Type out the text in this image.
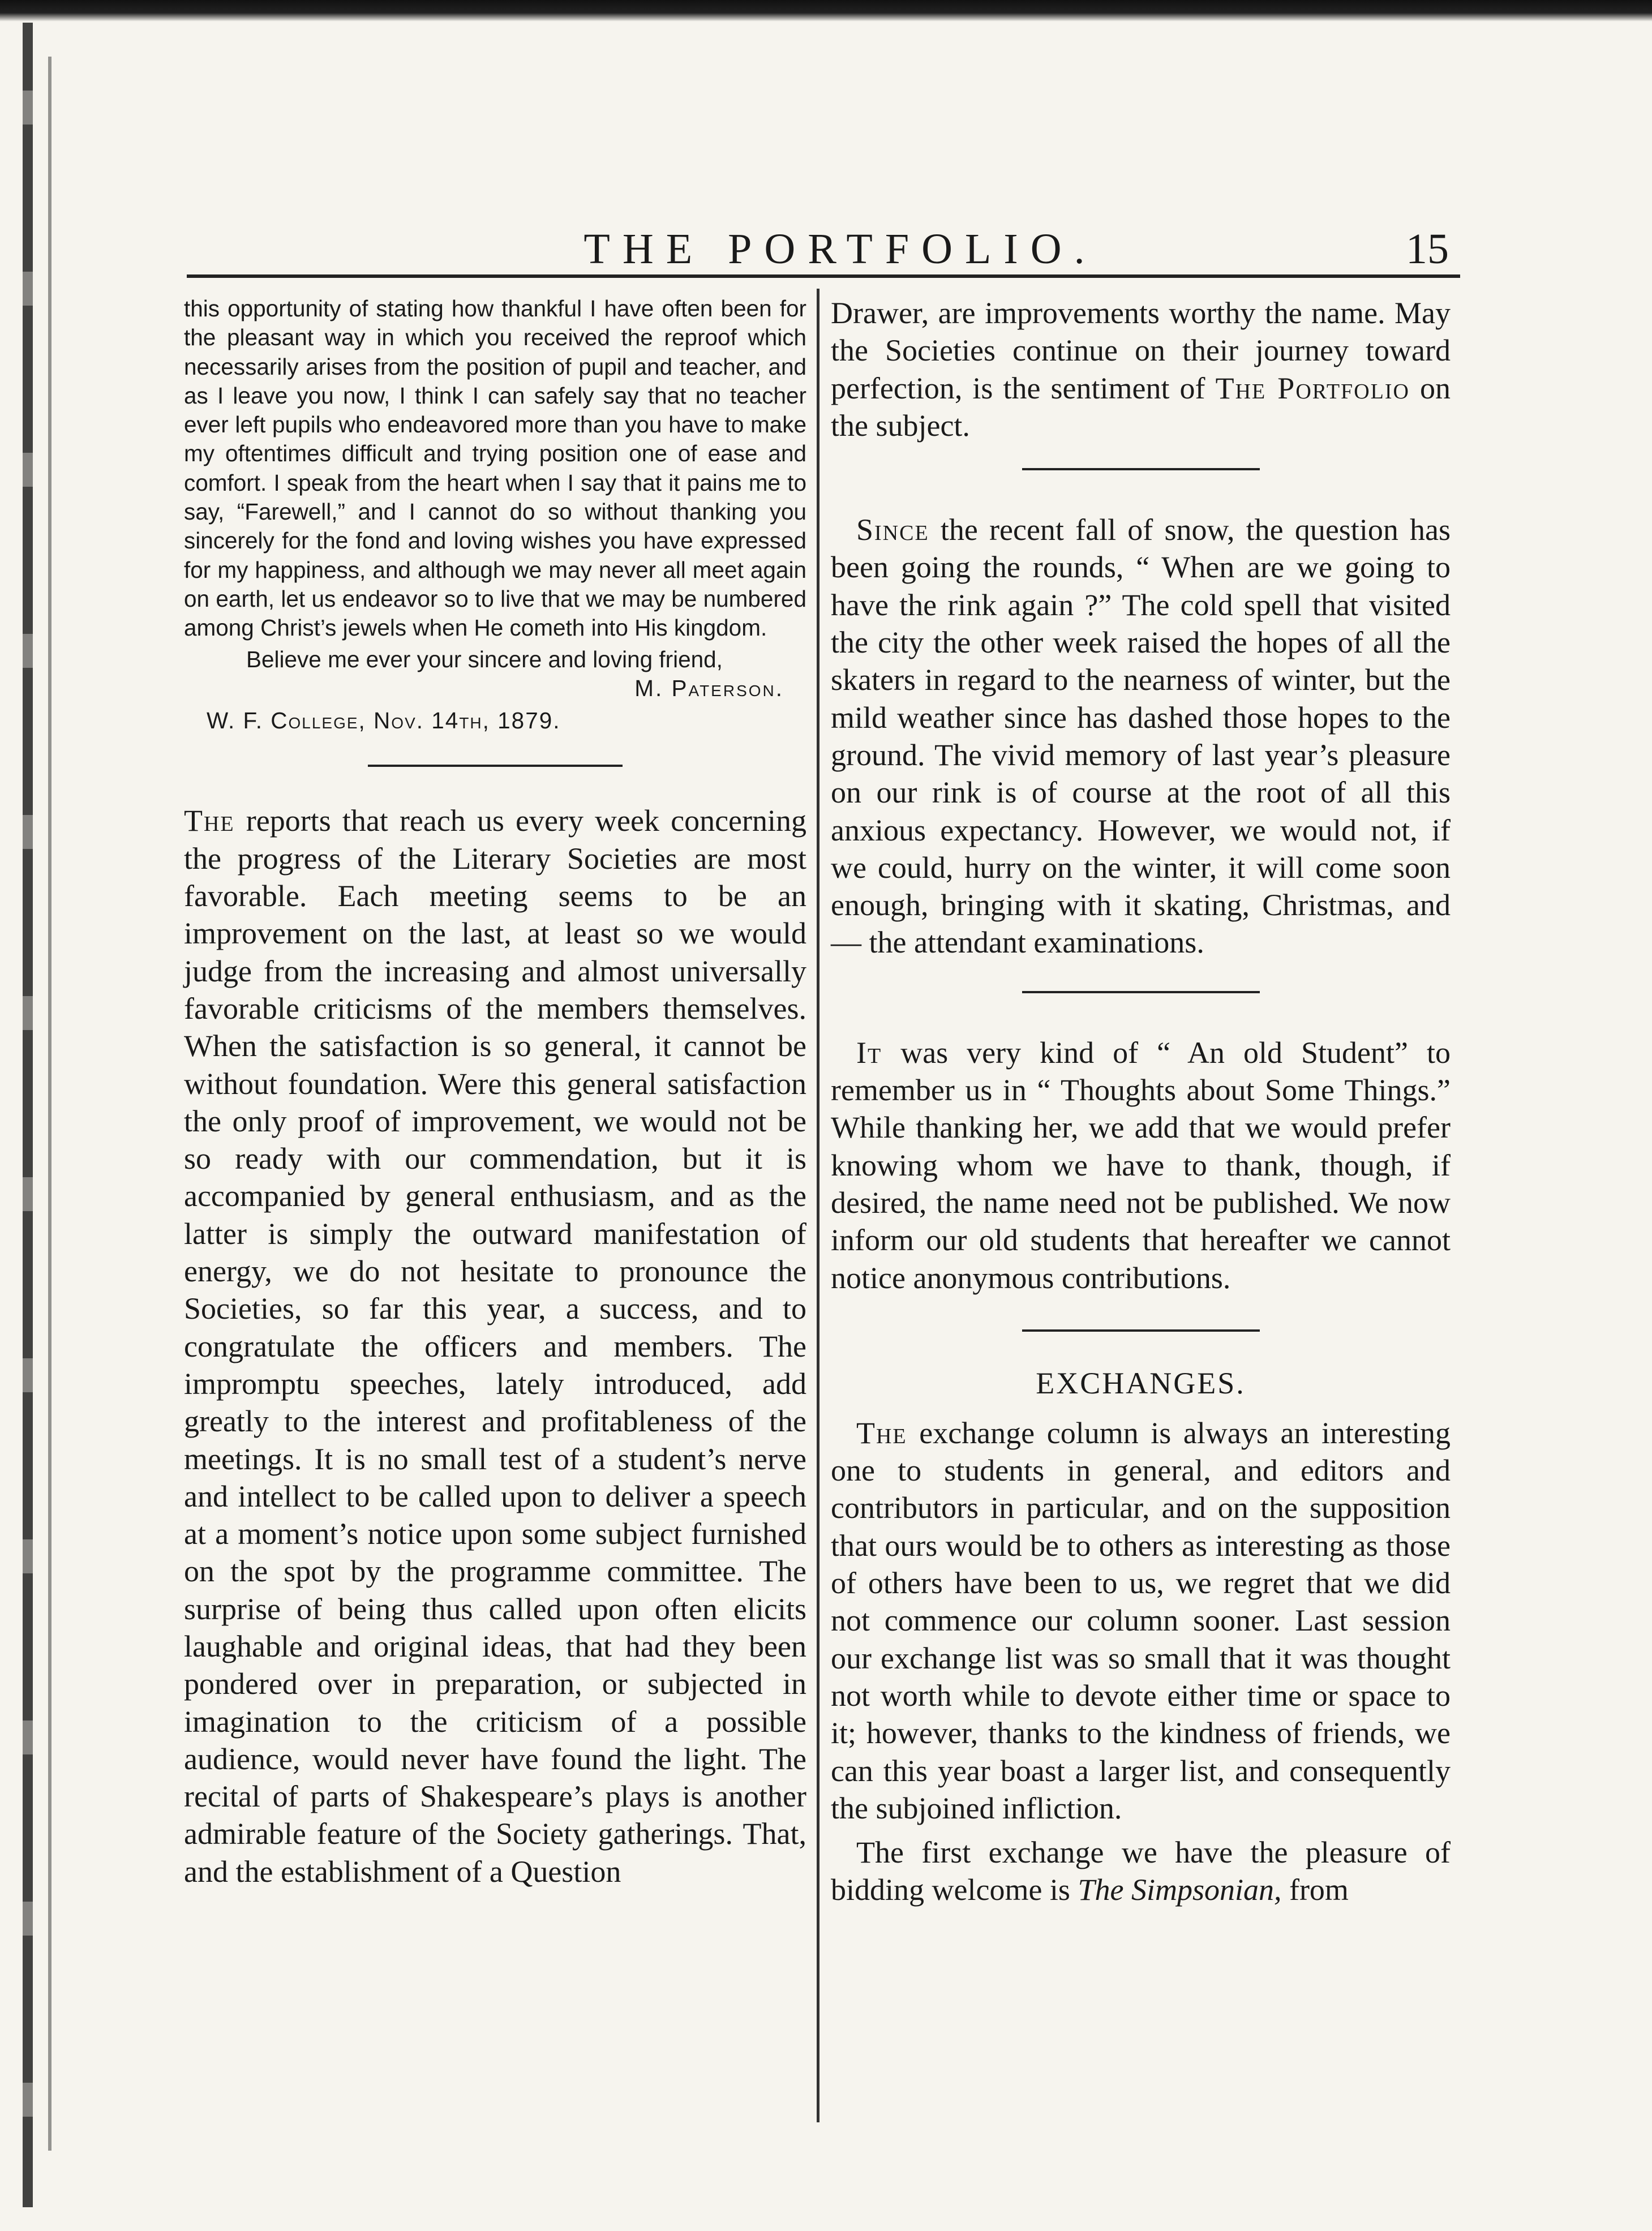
THE PORTFOLIO.	15

this opportunity of stating how thankful I have often been for the pleasant way in which you received the reproof which necessarily arises from the position of pupil and teacher, and as I leave you now, I think I can safely say that no teacher ever left pupils who endeavored more than you have to make my oftentimes difficult and trying position one of ease and comfort. I speak from the heart when I say that it pains me to say, “Farewell,” and I cannot do so without thanking you sincerely for the fond and loving wishes you have expressed for my happiness, and although we may never all meet again on earth, let us endeavor so to live that we may be numbered among Christ’s jewels when He cometh into His kingdom.

Believe me ever your sincere and loving friend,

M. Paterson.

W. F. College, Nov. 14th, 1879.

The reports that reach us every week concerning the progress of the Literary Societies are most favorable. Each meeting seems to be an improvement on the last, at least so we would judge from the increasing and almost universally favorable criticisms of the members themselves. When the satisfaction is so general, it cannot be without foundation. Were this general satisfaction the only proof of improvement, we would not be so ready with our commendation, but it is accompanied by general enthusiasm, and as the latter is simply the outward manifestation of energy, we do not hesitate to pronounce the Societies, so far this year, a success, and to congratulate the officers and members. The impromptu speeches, lately introduced, add greatly to the interest and profitableness of the meetings. It is no small test of a student’s nerve and intellect to be called upon to deliver a speech at a moment’s notice upon some subject furnished on the spot by the programme committee. The surprise of being thus called upon often elicits laughable and original ideas, that had they been pondered over in preparation, or subjected in imagination to the criticism of a possible audience, would never have found the light. The recital of parts of Shakespeare’s plays is another admirable feature of the Society gatherings. That, and the establishment of a Question

Drawer, are improvements worthy the name. May the Societies continue on their journey toward perfection, is the sentiment of The Portfolio on the subject.

Since the recent fall of snow, the question has been going the rounds, “ When are we going to have the rink again ?” The cold spell that visited the city the other week raised the hopes of all the skaters in regard to the nearness of winter, but the mild weather since has dashed those hopes to the ground. The vivid memory of last year’s pleasure on our rink is of course at the root of all this anxious expectancy. However, we would not, if we could, hurry on the winter, it will come soon enough, bringing with it skating, Christmas, and — the attendant examinations.

It was very kind of “ An old Student” to remember us in “ Thoughts about Some Things.” While thanking her, we add that we would prefer knowing whom we have to thank, though, if desired, the name need not be published. We now inform our old students that hereafter we cannot notice anonymous contributions.

EXCHANGES.

The exchange column is always an interesting one to students in general, and editors and contributors in particular, and on the supposition that ours would be to others as interesting as those of others have been to us, we regret that we did not commence our column sooner. Last session our exchange list was so small that it was thought not worth while to devote either time or space to it; however, thanks to the kindness of friends, we can this year boast a larger list, and consequently the subjoined infliction.

The first exchange we have the pleasure of bidding welcome is The Simpsonian, from
